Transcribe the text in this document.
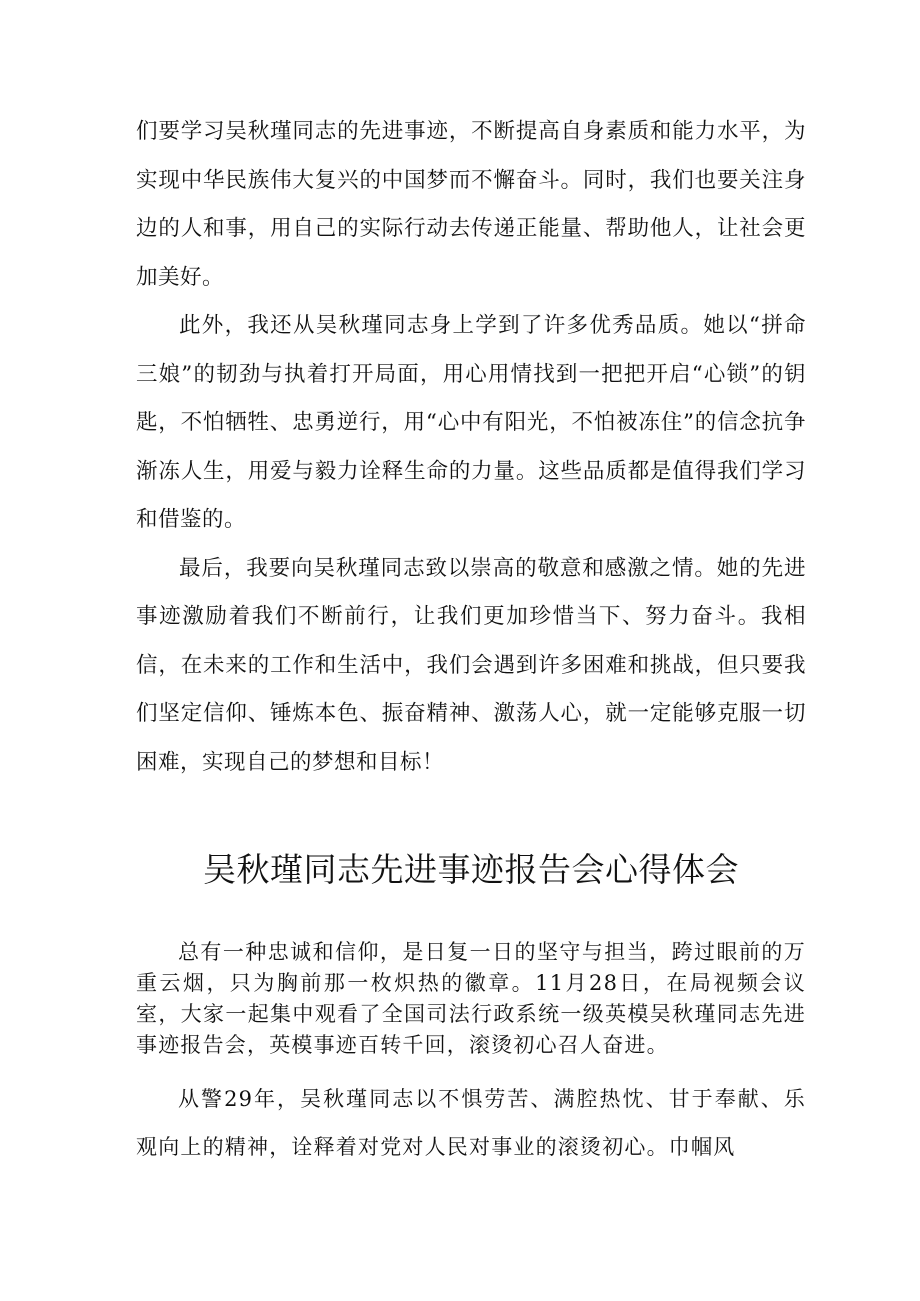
们要学习吴秋瑾同志的先进事迹，不断提高自身素质和能力水平，为实现中华民族伟大复兴的中国梦而不懈奋斗。同时，我们也要关注身边的人和事，用自己的实际行动去传递正能量、帮助他人，让社会更加美好。

此外，我还从吴秋瑾同志身上学到了许多优秀品质。她以“拼命三娘”的韧劲与执着打开局面，用心用情找到一把把开启“心锁”的钥匙，不怕牺牲、忠勇逆行，用“心中有阳光，不怕被冻住”的信念抗争渐冻人生，用爱与毅力诠释生命的力量。这些品质都是值得我们学习和借鉴的。

最后，我要向吴秋瑾同志致以崇高的敬意和感激之情。她的先进事迹激励着我们不断前行，让我们更加珍惜当下、努力奋斗。我相信，在未来的工作和生活中，我们会遇到许多困难和挑战，但只要我们坚定信仰、锤炼本色、振奋精神、激荡人心，就一定能够克服一切困难，实现自己的梦想和目标！

吴秋瑾同志先进事迹报告会心得体会

总有一种忠诚和信仰，是日复一日的坚守与担当，跨过眼前的万重云烟，只为胸前那一枚炽热的徽章。11月28日，在局视频会议室，大家一起集中观看了全国司法行政系统一级英模吴秋瑾同志先进事迹报告会，英模事迹百转千回，滚烫初心召人奋进。

从警29年，吴秋瑾同志以不惧劳苦、满腔热忱、甘于奉献、乐观向上的精神，诠释着对党对人民对事业的滚烫初心。巾帼风
